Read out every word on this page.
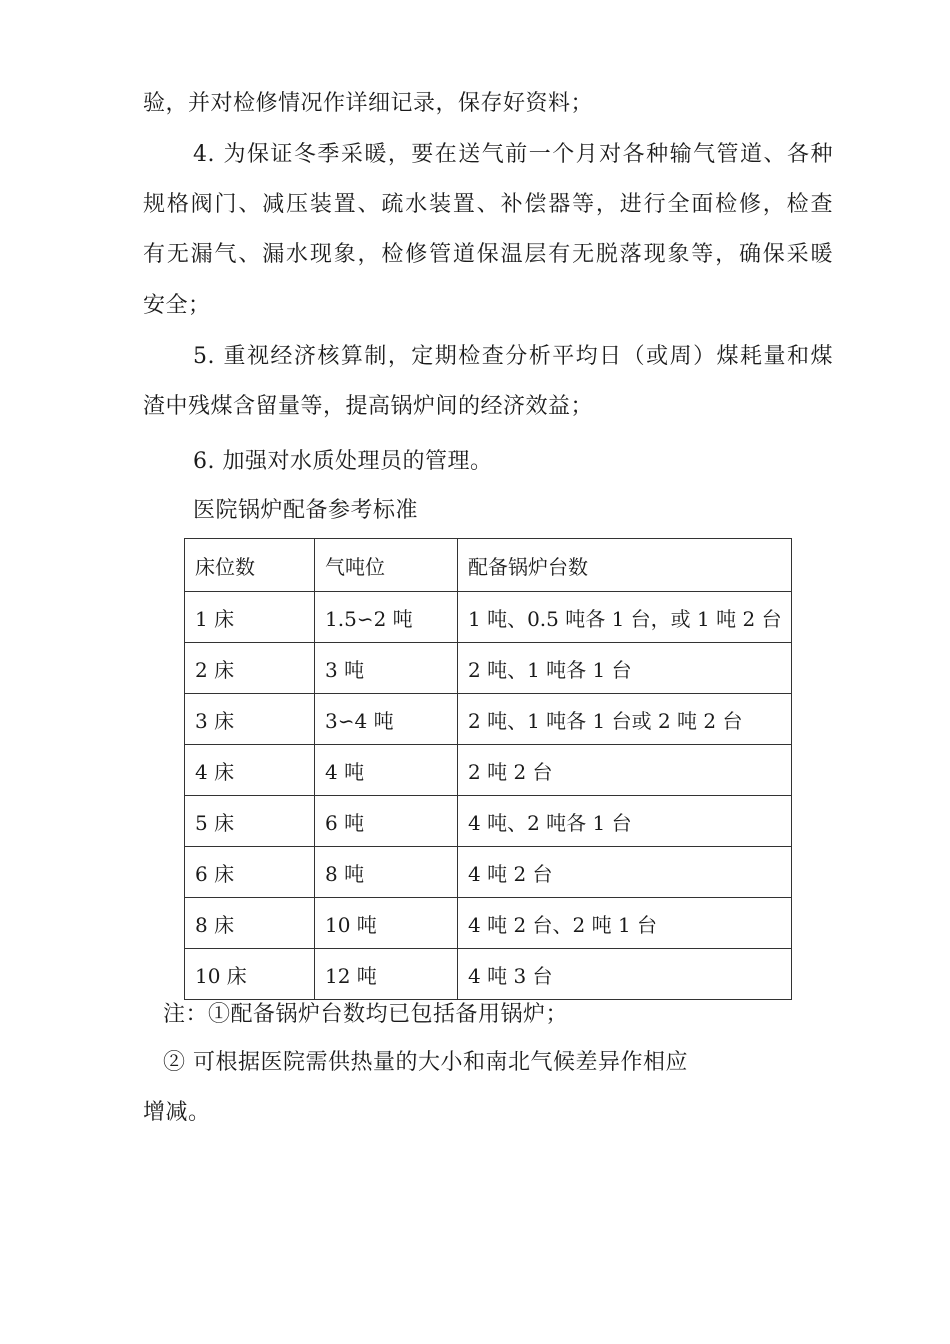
验，并对检修情况作详细记录，保存好资料；
4. 为保证冬季采暖，要在送气前一个月对各种输气管道、各种
规格阀门、减压装置、疏水装置、补偿器等，进行全面检修，检查
有无漏气、漏水现象，检修管道保温层有无脱落现象等，确保采暖
安全；
5. 重视经济核算制，定期检查分析平均日（或周）煤耗量和煤
渣中残煤含留量等，提高锅炉间的经济效益；
6. 加强对水质处理员的管理。
医院锅炉配备参考标准
床位数	气吨位	配备锅炉台数
1 床	1.5∽2 吨	1 吨、0.5 吨各 1 台，或 1 吨 2 台
2 床	3 吨	2 吨、1 吨各 1 台
3 床	3∽4 吨	2 吨、1 吨各 1 台或 2 吨 2 台
4 床	4 吨	2 吨 2 台
5 床	6 吨	4 吨、2 吨各 1 台
6 床	8 吨	4 吨 2 台
8 床	10 吨	4 吨 2 台、2 吨 1 台
10 床	12 吨	4 吨 3 台
注：①配备锅炉台数均已包括备用锅炉；
② 可根据医院需供热量的大小和南北气候差异作相应
增减。
